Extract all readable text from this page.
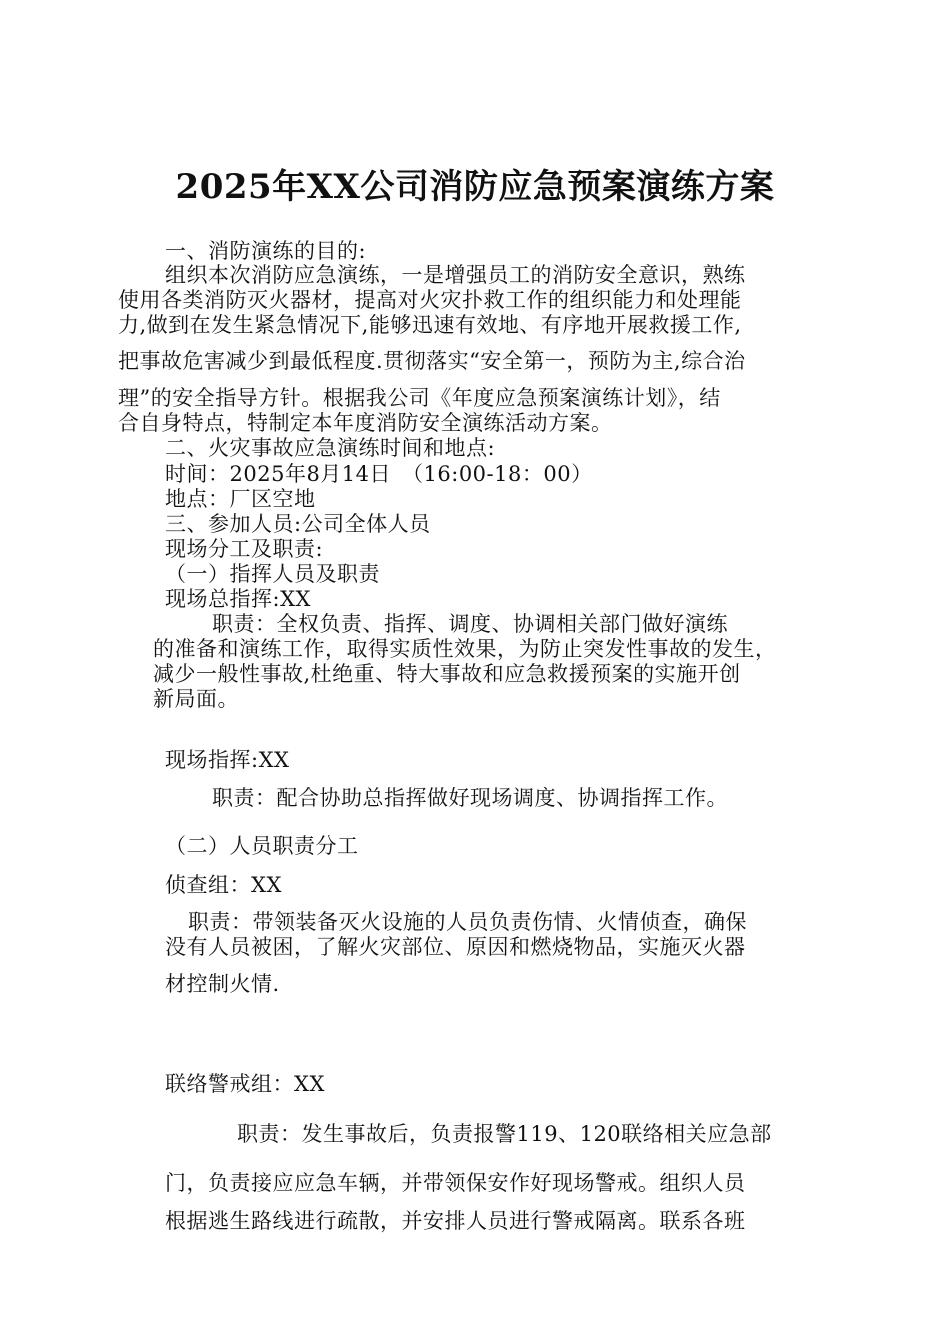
2025年XX公司消防应急预案演练方案

一、消防演练的目的:

组织本次消防应急演练，一是增强员工的消防安全意识，熟练

使用各类消防灭火器材，提高对火灾扑救工作的组织能力和处理能

力,做到在发生紧急情况下,能够迅速有效地、有序地开展救援工作,

把事故危害减少到最低程度.贯彻落实“安全第一，预防为主,综合治

理”的安全指导方针。根据我公司《年度应急预案演练计划》，结

合自身特点，特制定本年度消防安全演练活动方案。

二、火灾事故应急演练时间和地点:

时间：2025年8月14日　（16:00-18：00）

地点：厂区空地

三、参加人员:公司全体人员

现场分工及职责:

（一）指挥人员及职责

现场总指挥:XX

职责：全权负责、指挥、调度、协调相关部门做好演练

的准备和演练工作，取得实质性效果，为防止突发性事故的发生，

减少一般性事故,杜绝重、特大事故和应急救援预案的实施开创

新局面。

现场指挥:XX

职责：配合协助总指挥做好现场调度、协调指挥工作。

（二）人员职责分工

侦查组：XX

职责：带领装备灭火设施的人员负责伤情、火情侦查，确保

没有人员被困，了解火灾部位、原因和燃烧物品，实施灭火器

材控制火情.

联络警戒组：XX

职责：发生事故后，负责报警119、120联络相关应急部

门，负责接应应急车辆，并带领保安作好现场警戒。组织人员

根据逃生路线进行疏散，并安排人员进行警戒隔离。联系各班
